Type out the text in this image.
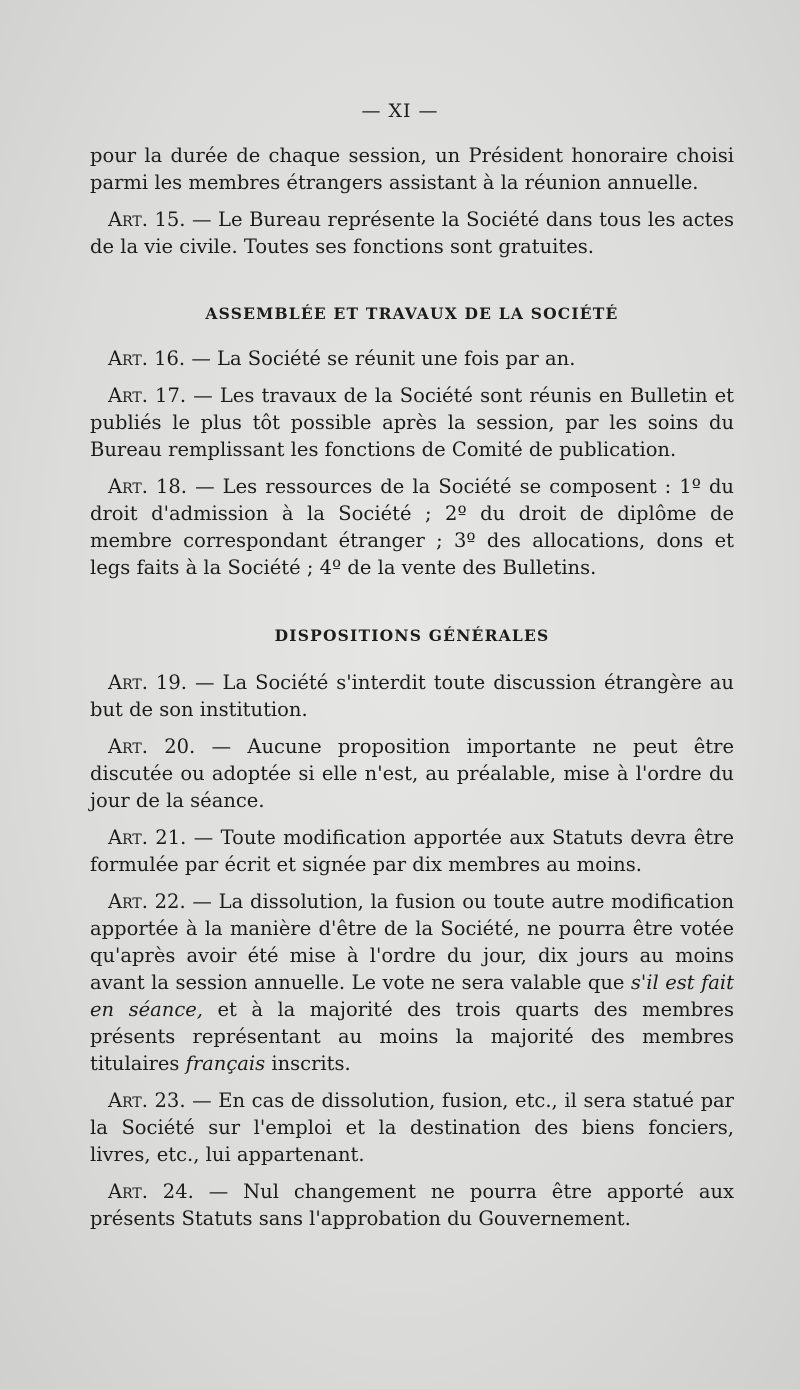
— XI —

pour la durée de chaque session, un Président honoraire choisi parmi les membres étrangers assistant à la réunion annuelle.

Art. 15. — Le Bureau représente la Société dans tous les actes de la vie civile. Toutes ses fonctions sont gratuites.

ASSEMBLÉE ET TRAVAUX DE LA SOCIÉTÉ

Art. 16. — La Société se réunit une fois par an.

Art. 17. — Les travaux de la Société sont réunis en Bulletin et publiés le plus tôt possible après la session, par les soins du Bureau remplissant les fonctions de Comité de publication.

Art. 18. — Les ressources de la Société se composent : 1º du droit d'admission à la Société ; 2º du droit de diplôme de membre correspondant étranger ; 3º des allocations, dons et legs faits à la Société ; 4º de la vente des Bulletins.

DISPOSITIONS GÉNÉRALES

Art. 19. — La Société s'interdit toute discussion étrangère au but de son institution.

Art. 20. — Aucune proposition importante ne peut être discutée ou adoptée si elle n'est, au préalable, mise à l'ordre du jour de la séance.

Art. 21. — Toute modification apportée aux Statuts devra être formulée par écrit et signée par dix membres au moins.

Art. 22. — La dissolution, la fusion ou toute autre modification apportée à la manière d'être de la Société, ne pourra être votée qu'après avoir été mise à l'ordre du jour, dix jours au moins avant la session annuelle. Le vote ne sera valable que s'il est fait en séance, et à la majorité des trois quarts des membres présents représentant au moins la majorité des membres titulaires français inscrits.

Art. 23. — En cas de dissolution, fusion, etc., il sera statué par la Société sur l'emploi et la destination des biens fonciers, livres, etc., lui appartenant.

Art. 24. — Nul changement ne pourra être apporté aux présents Statuts sans l'approbation du Gouvernement.
